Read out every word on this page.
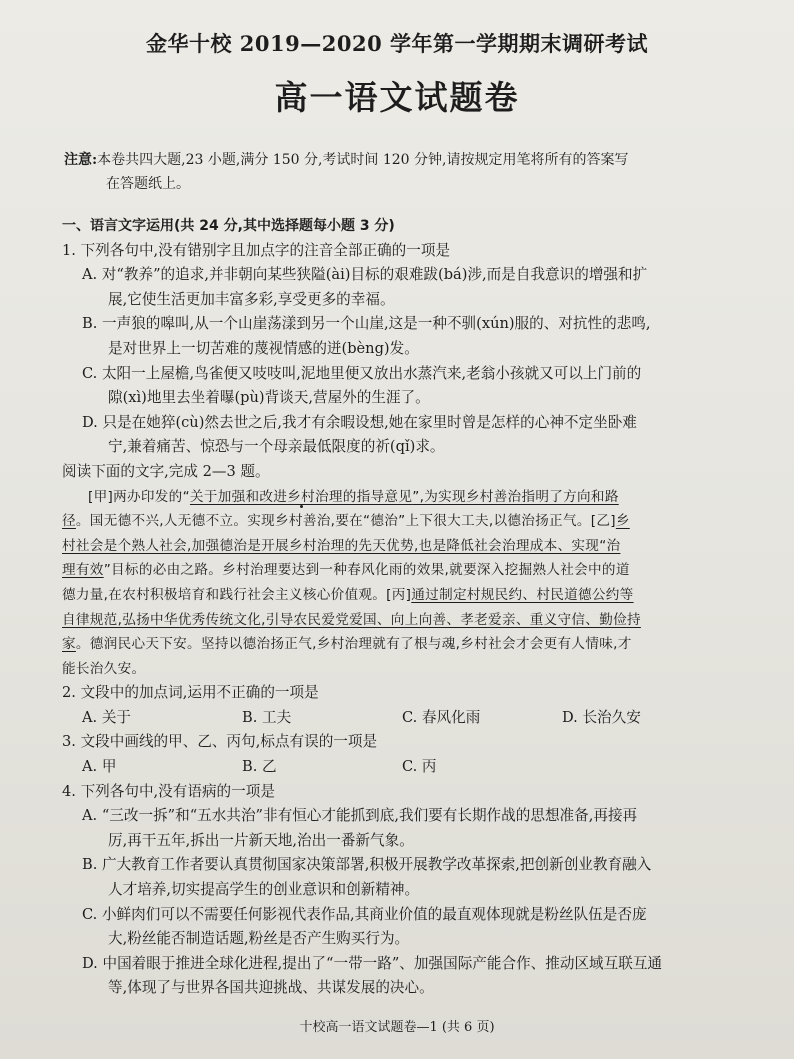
金华十校 2019—2020 学年第一学期期末调研考试
高一语文试题卷
注意:本卷共四大题,23 小题,满分 150 分,考试时间 120 分钟,请按规定用笔将所有的答案写
在答题纸上。

一、语言文字运用(共 24 分,其中选择题每小题 3 分)

1. 下列各句中,没有错别字且加点字的注音全部正确的一项是

A. 对“教养”的追求,并非朝向某些狭隘(ài)目标的艰难跋(bá)涉,而是自我意识的增强和扩

展,它使生活更加丰富多彩,享受更多的幸福。

B. 一声狼的嗥叫,从一个山崖荡漾到另一个山崖,这是一种不驯(xún)服的、对抗性的悲鸣,

是对世界上一切苦难的蔑视情感的迸(bèng)发。

C. 太阳一上屋檐,鸟雀便又吱吱叫,泥地里便又放出水蒸汽来,老翁小孩就又可以上门前的

隙(xì)地里去坐着曝(pù)背谈天,营屋外的生涯了。

D. 只是在她猝(cù)然去世之后,我才有余暇设想,她在家里时曾是怎样的心神不定坐卧难

宁,兼着痛苦、惊恐与一个母亲最低限度的祈(qǐ)求。

阅读下面的文字,完成 2—3 题。

[甲]两办印发的“关于加强和改进乡村治理的指导意见”,为实现乡村善治指明了方向和路

径。国无德不兴,人无德不立。实现乡村善治,要在“德治”上下很大工夫,以德治扬正气。[乙]乡

村社会是个熟人社会,加强德治是开展乡村治理的先天优势,也是降低社会治理成本、实现“治

理有效”目标的必由之路。乡村治理要达到一种春风化雨的效果,就要深入挖掘熟人社会中的道

德力量,在农村积极培育和践行社会主义核心价值观。[丙]通过制定村规民约、村民道德公约等

自律规范,弘扬中华优秀传统文化,引导农民爱党爱国、向上向善、孝老爱亲、重义守信、勤俭持

家。德润民心天下安。坚持以德治扬正气,乡村治理就有了根与魂,乡村社会才会更有人情味,才

能长治久安。

2. 文段中的加点词,运用不正确的一项是

A. 关于	B. 工夫	C. 春风化雨	D. 长治久安

3. 文段中画线的甲、乙、丙句,标点有误的一项是

A. 甲	B. 乙	C. 丙

4. 下列各句中,没有语病的一项是

A. “三改一拆”和“五水共治”非有恒心才能抓到底,我们要有长期作战的思想准备,再接再

厉,再干五年,拆出一片新天地,治出一番新气象。

B. 广大教育工作者要认真贯彻国家决策部署,积极开展教学改革探索,把创新创业教育融入

人才培养,切实提高学生的创业意识和创新精神。

C. 小鲜肉们可以不需要任何影视代表作品,其商业价值的最直观体现就是粉丝队伍是否庞

大,粉丝能否制造话题,粉丝是否产生购买行为。

D. 中国着眼于推进全球化进程,提出了“一带一路”、加强国际产能合作、推动区域互联互通

等,体现了与世界各国共迎挑战、共谋发展的决心。

十校高一语文试题卷—1 (共 6 页)
